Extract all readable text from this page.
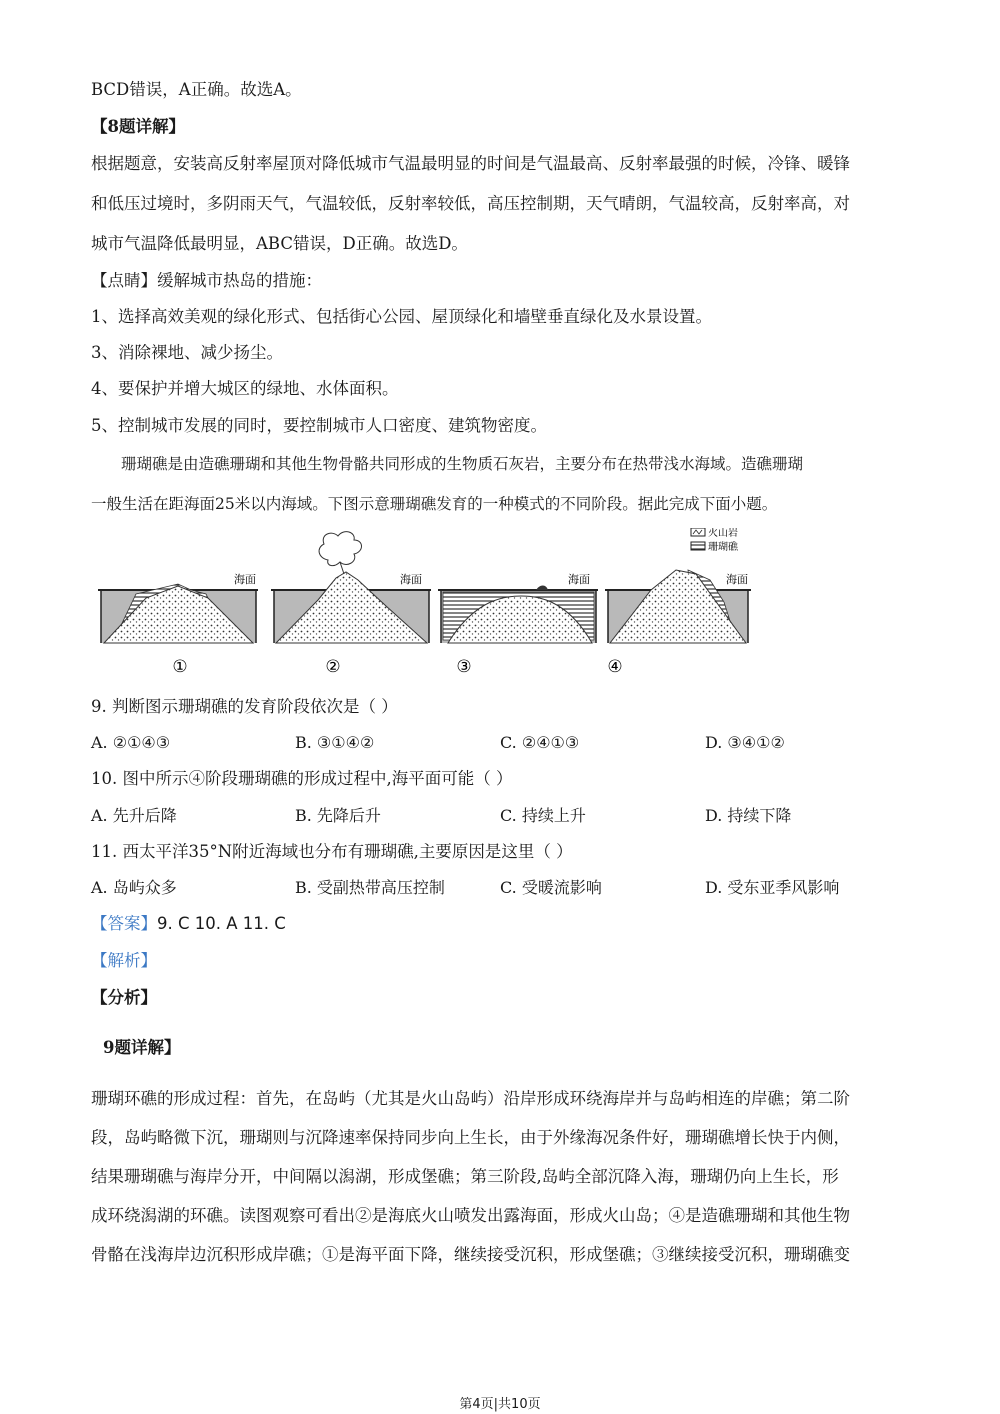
BCD错误，A正确。故选A。
【8题详解】
根据题意，安装高反射率屋顶对降低城市气温最明显的时间是气温最高、反射率最强的时候，冷锋、暖锋
和低压过境时，多阴雨天气，气温较低，反射率较低，高压控制期，天气晴朗，气温较高，反射率高，对
城市气温降低最明显，ABC错误，D正确。故选D。
【点睛】缓解城市热岛的措施：
1、选择高效美观的绿化形式、包括街心公园、屋顶绿化和墙壁垂直绿化及水景设置。
3、消除裸地、减少扬尘。
4、要保护并增大城区的绿地、水体面积。
5、控制城市发展的同时，要控制城市人口密度、建筑物密度。
珊瑚礁是由造礁珊瑚和其他生物骨骼共同形成的生物质石灰岩，主要分布在热带浅水海域。造礁珊瑚
一般生活在距海面25米以内海域。下图示意珊瑚礁发育的一种模式的不同阶段。据此完成下面小题。
火山岩
珊瑚礁
海面
①
海面
②
海面
③
海面
④
9. 判断图示珊瑚礁的发育阶段依次是（ ）
A. ②①④③	B. ③①④②	C. ②④①③	D. ③④①②
10. 图中所示④阶段珊瑚礁的形成过程中,海平面可能（ ）
A. 先升后降	B. 先降后升	C. 持续上升	D. 持续下降
11. 西太平洋35°N附近海域也分布有珊瑚礁,主要原因是这里（ ）
A. 岛屿众多	B. 受副热带高压控制	C. 受暖流影响	D. 受东亚季风影响
【答案】9. C 10. A 11. C
【解析】
【分析】
9题详解】
珊瑚环礁的形成过程：首先，在岛屿（尤其是火山岛屿）沿岸形成环绕海岸并与岛屿相连的岸礁；第二阶
段，岛屿略微下沉，珊瑚则与沉降速率保持同步向上生长，由于外缘海况条件好，珊瑚礁增长快于内侧，
结果珊瑚礁与海岸分开，中间隔以潟湖，形成堡礁；第三阶段,岛屿全部沉降入海，珊瑚仍向上生长，形
成环绕潟湖的环礁。读图观察可看出②是海底火山喷发出露海面，形成火山岛；④是造礁珊瑚和其他生物
骨骼在浅海岸边沉积形成岸礁；①是海平面下降，继续接受沉积，形成堡礁；③继续接受沉积，珊瑚礁变
第4页|共10页
